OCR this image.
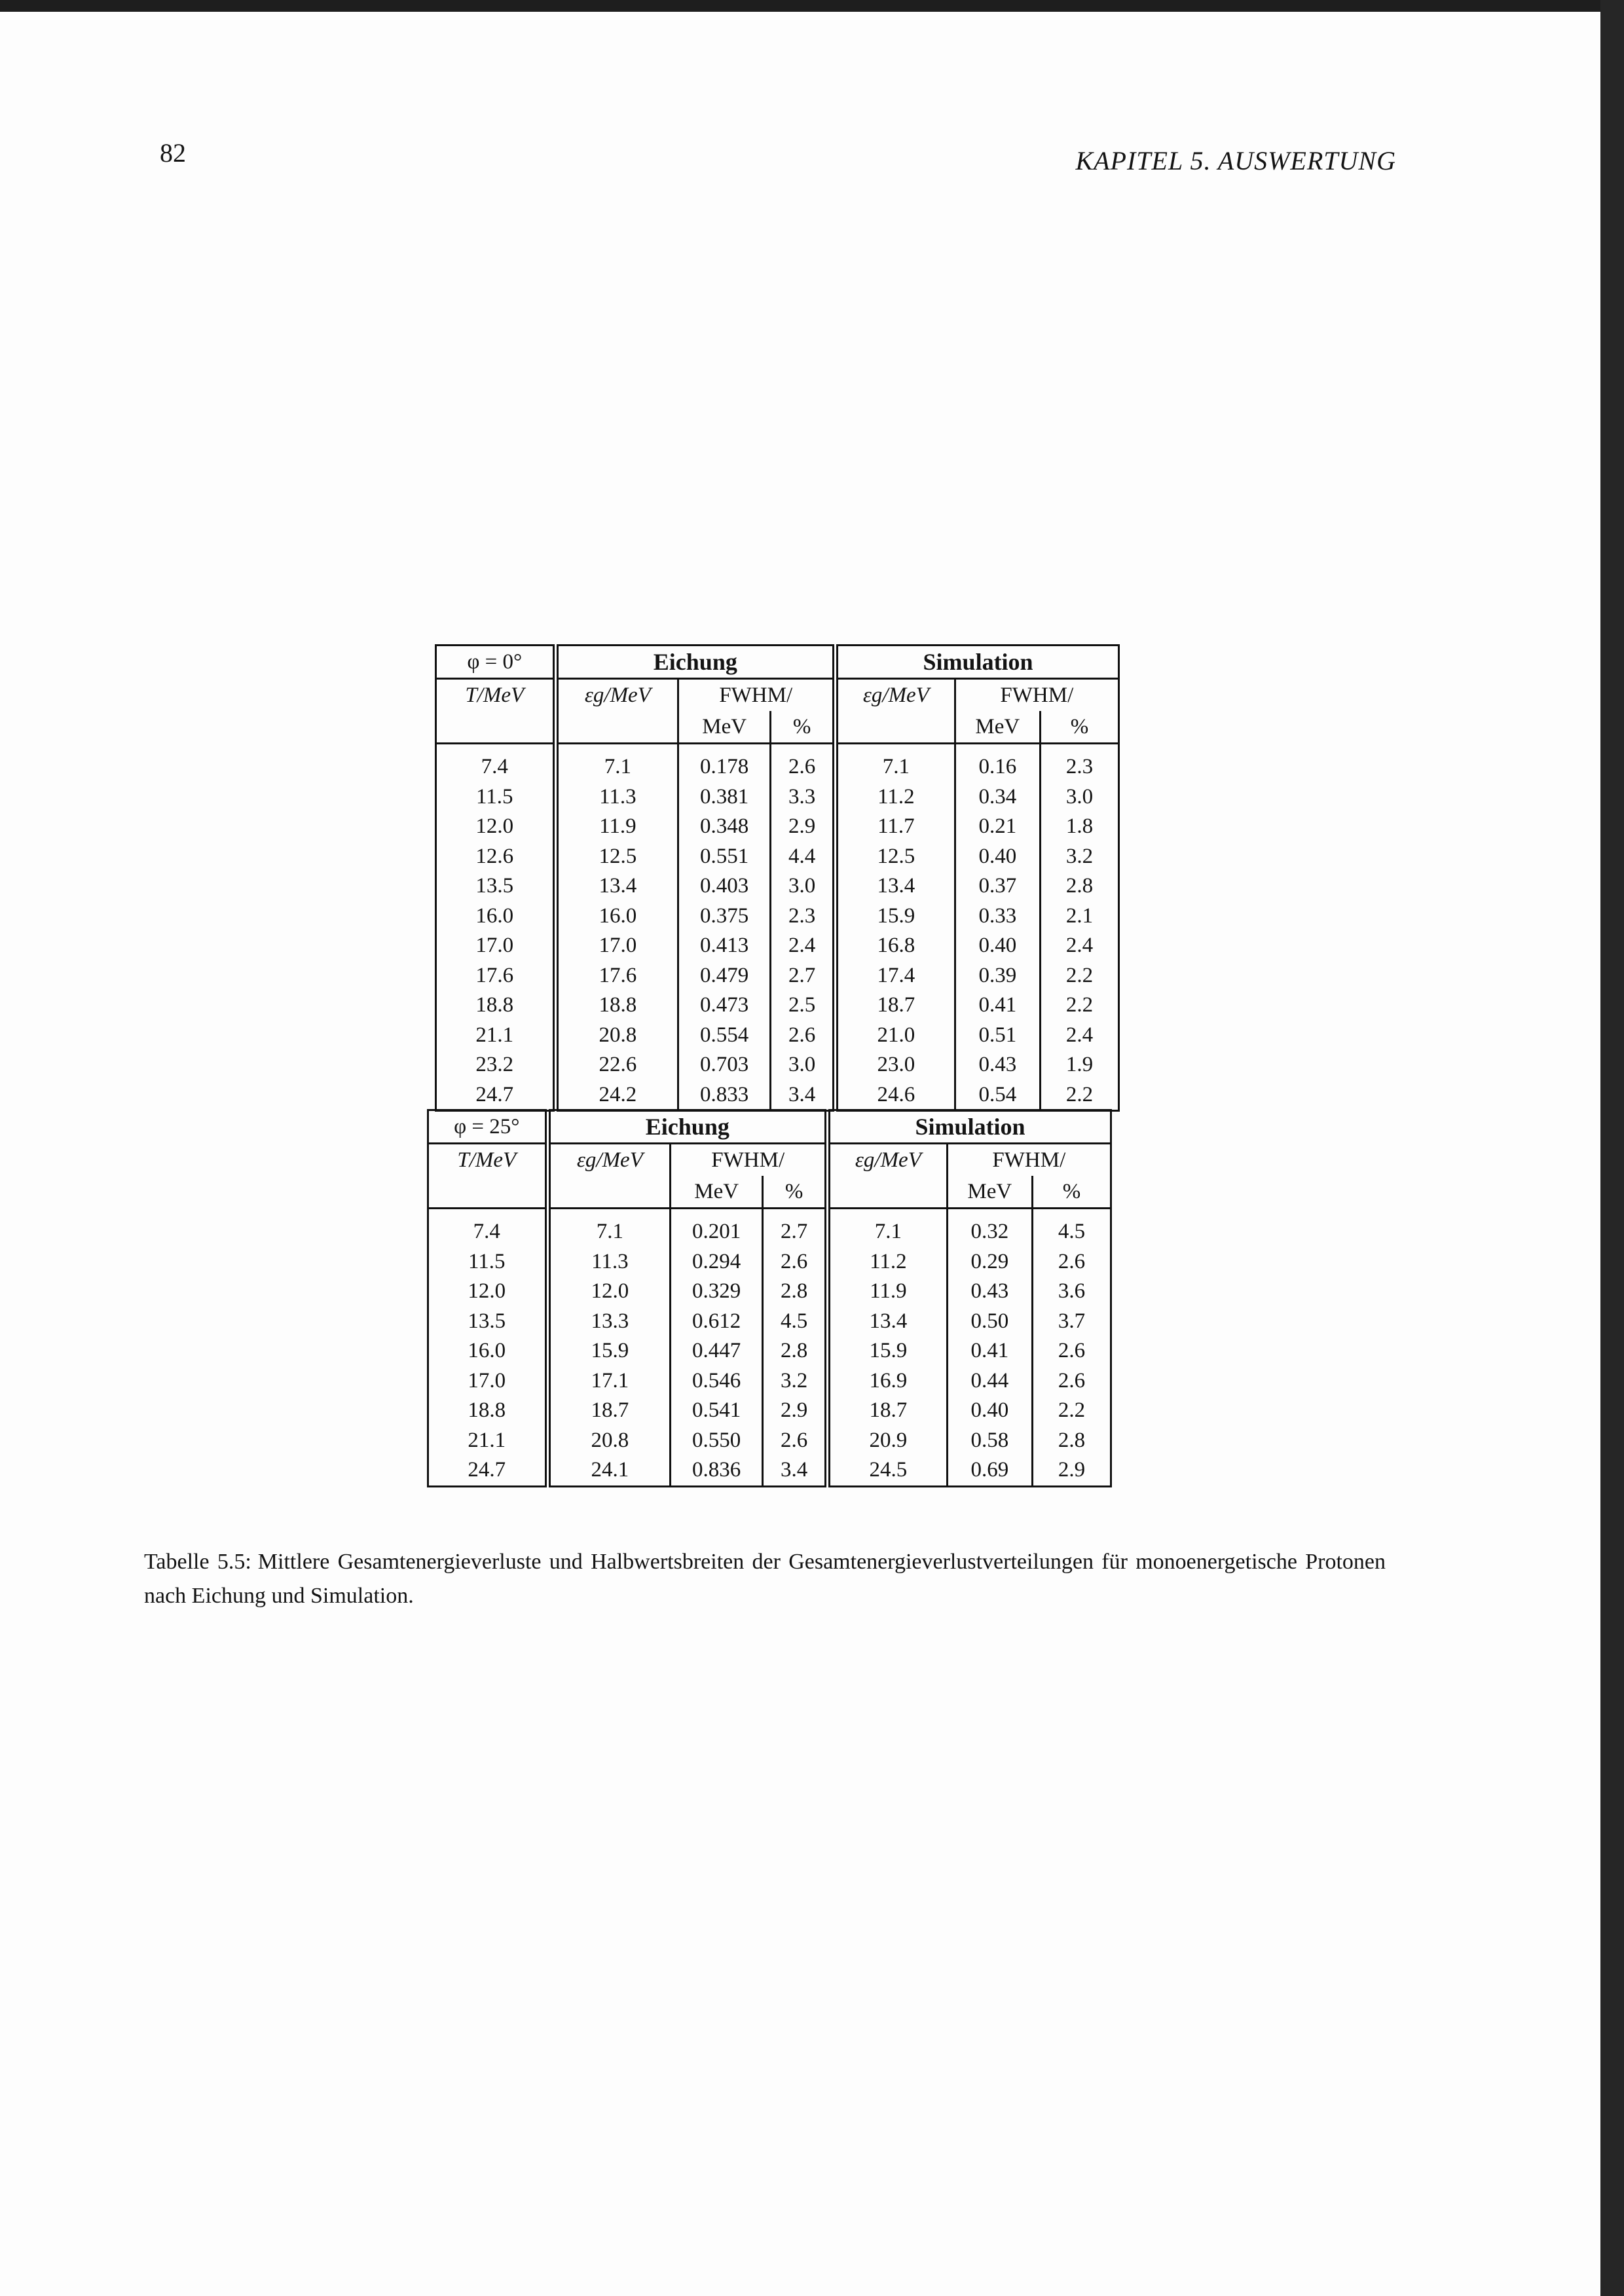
82	KAPITEL 5. AUSWERTUNG
φ = 0°	Eichung			Simulation		
T/MeV	εg/MeV	FWHM/		εg/MeV	FWHM/	
		MeV	%		MeV	%

7.4	7.1	0.178	2.6	7.1	0.16	2.3
11.5	11.3	0.381	3.3	11.2	0.34	3.0
12.0	11.9	0.348	2.9	11.7	0.21	1.8
12.6	12.5	0.551	4.4	12.5	0.40	3.2
13.5	13.4	0.403	3.0	13.4	0.37	2.8
16.0	16.0	0.375	2.3	15.9	0.33	2.1
17.0	17.0	0.413	2.4	16.8	0.40	2.4
17.6	17.6	0.479	2.7	17.4	0.39	2.2
18.8	18.8	0.473	2.5	18.7	0.41	2.2
21.1	20.8	0.554	2.6	21.0	0.51	2.4
23.2	22.6	0.703	3.0	23.0	0.43	1.9
24.7	24.2	0.833	3.4	24.6	0.54	2.2
φ = 25°	Eichung			Simulation		
T/MeV	εg/MeV	FWHM/		εg/MeV	FWHM/	
		MeV	%		MeV	%

7.4	7.1	0.201	2.7	7.1	0.32	4.5
11.5	11.3	0.294	2.6	11.2	0.29	2.6
12.0	12.0	0.329	2.8	11.9	0.43	3.6
13.5	13.3	0.612	4.5	13.4	0.50	3.7
16.0	15.9	0.447	2.8	15.9	0.41	2.6
17.0	17.1	0.546	3.2	16.9	0.44	2.6
18.8	18.7	0.541	2.9	18.7	0.40	2.2
21.1	20.8	0.550	2.6	20.9	0.58	2.8
24.7	24.1	0.836	3.4	24.5	0.69	2.9
Tabelle 5.5: Mittlere Gesamtenergieverluste und Halbwertsbreiten der Gesamtenergieverlustverteilungen für monoenergetische Protonen nach Eichung und Simulation.
